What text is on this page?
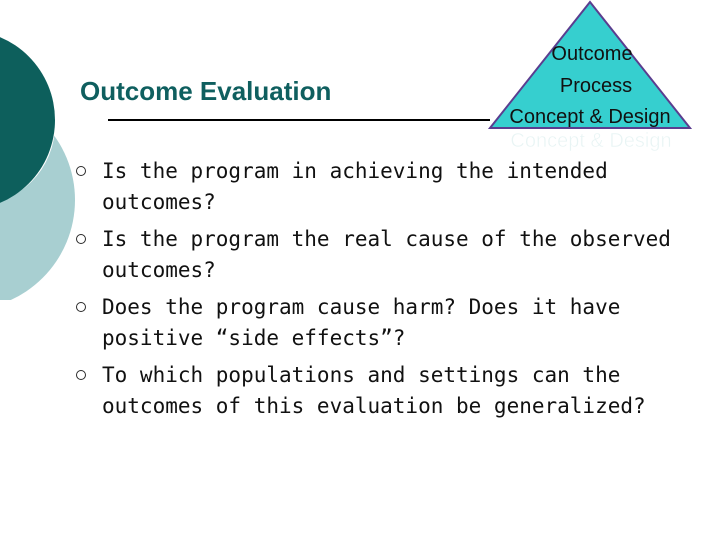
Outcome Evaluation
Concept & Design
Outcome
Process
Concept & Design
Is the program in achieving the intended outcomes?
Is the program the real cause of the observed outcomes?
Does the program cause harm? Does it have positive “side effects”?
To which populations and settings can the outcomes of this evaluation be generalized?
